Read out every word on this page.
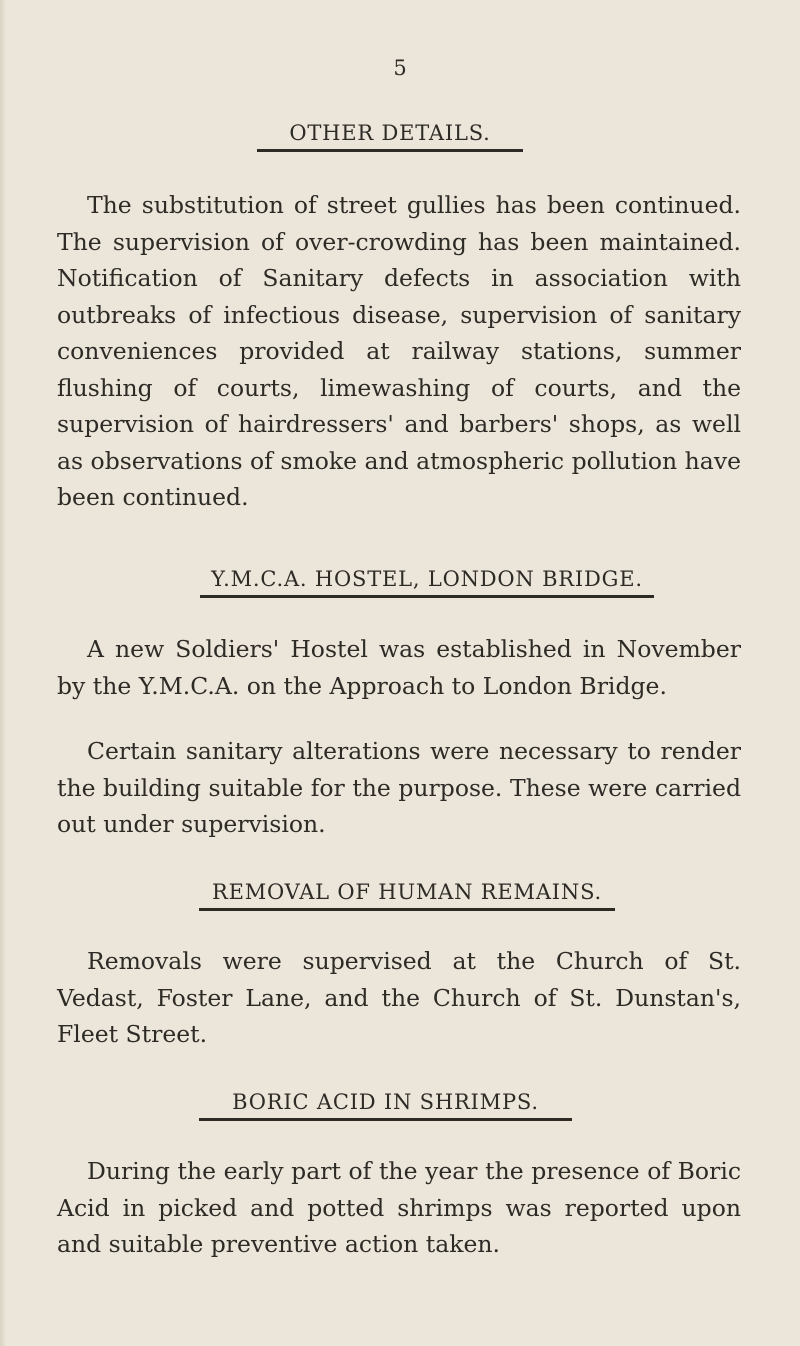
5
OTHER DETAILS.

The substitution of street gullies has been continued. The supervision of over-crowding has been maintained. Notification of Sanitary defects in association with outbreaks of infectious disease, supervision of sanitary conveniences provided at railway stations, summer flushing of courts, limewashing of courts, and the supervision of hairdressers' and barbers' shops, as well as observations of smoke and atmospheric pollution have been continued.

Y.M.C.A. HOSTEL, LONDON BRIDGE.

A new Soldiers' Hostel was established in November by the Y.M.C.A. on the Approach to London Bridge.

Certain sanitary alterations were necessary to render the building suitable for the purpose. These were carried out under supervision.

REMOVAL OF HUMAN REMAINS.

Removals were supervised at the Church of St. Vedast, Foster Lane, and the Church of St. Dunstan's, Fleet Street.

BORIC ACID IN SHRIMPS.

During the early part of the year the presence of Boric Acid in picked and potted shrimps was reported upon and suitable preventive action taken.
